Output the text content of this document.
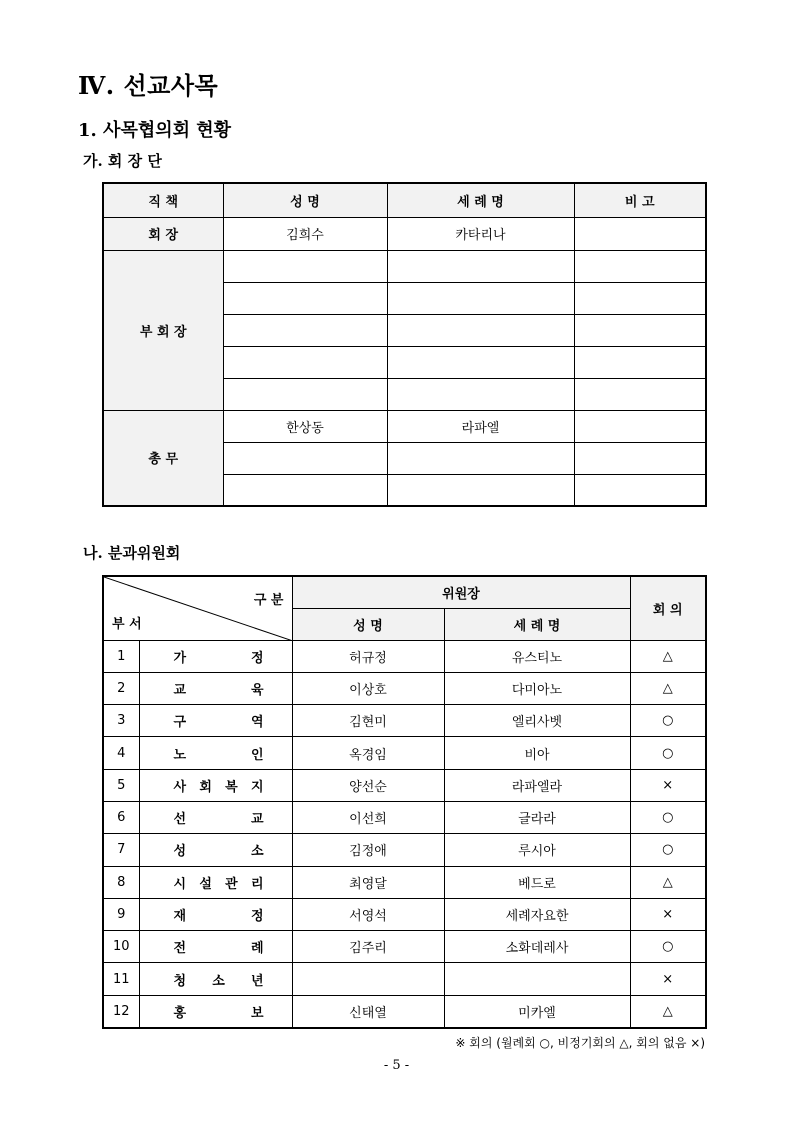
Ⅳ. 선교사목
1. 사목협의회 현황
가. 회 장 단
직 책	성 명	세 례 명	비 고
회 장	김희수	카타리나	
부 회 장			

총 무	한상동	라파엘	

나. 분과위원회
구 분
부 서		위원장		회 의
		성 명	세 례 명	
1	가 정	허규정	유스티노	△
2	교 육	이상호	다미아노	△
3	구 역	김현미	엘리사벳	○
4	노 인	옥경임	비아	○
5	사 회 복 지	양선순	라파엘라	×
6	선 교	이선희	글라라	○
7	성 소	김정애	루시아	○
8	시 설 관 리	최영달	베드로	△
9	재 정	서영석	세례자요한	×
10	전 례	김주리	소화데레사	○
11	청 소 년			×
12	홍 보	신태열	미카엘	△
※ 회의 (월례회 ○, 비정기회의 △, 회의 없음 ×)
- 5 -
